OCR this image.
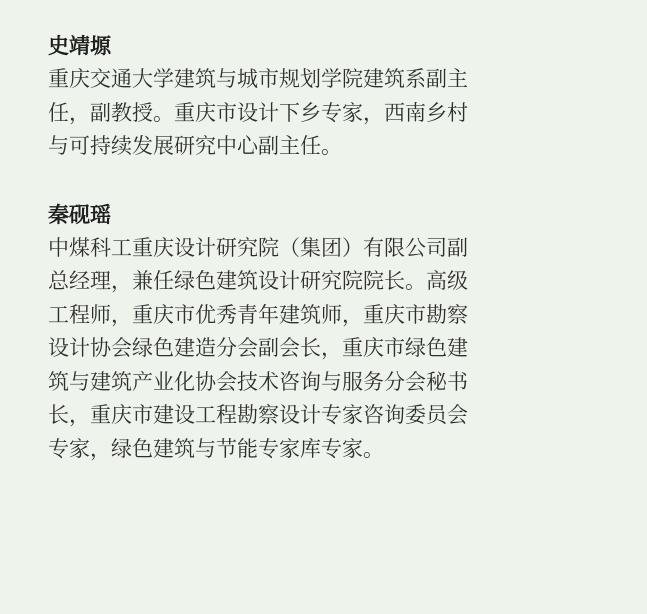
史靖塬
重庆交通大学建筑与城市规划学院建筑系副主
任，副教授。重庆市设计下乡专家，西南乡村
与可持续发展研究中心副主任。
秦砚瑶
中煤科工重庆设计研究院（集团）有限公司副
总经理，兼任绿色建筑设计研究院院长。高级
工程师，重庆市优秀青年建筑师，重庆市勘察
设计协会绿色建造分会副会长，重庆市绿色建
筑与建筑产业化协会技术咨询与服务分会秘书
长，重庆市建设工程勘察设计专家咨询委员会
专家，绿色建筑与节能专家库专家。
